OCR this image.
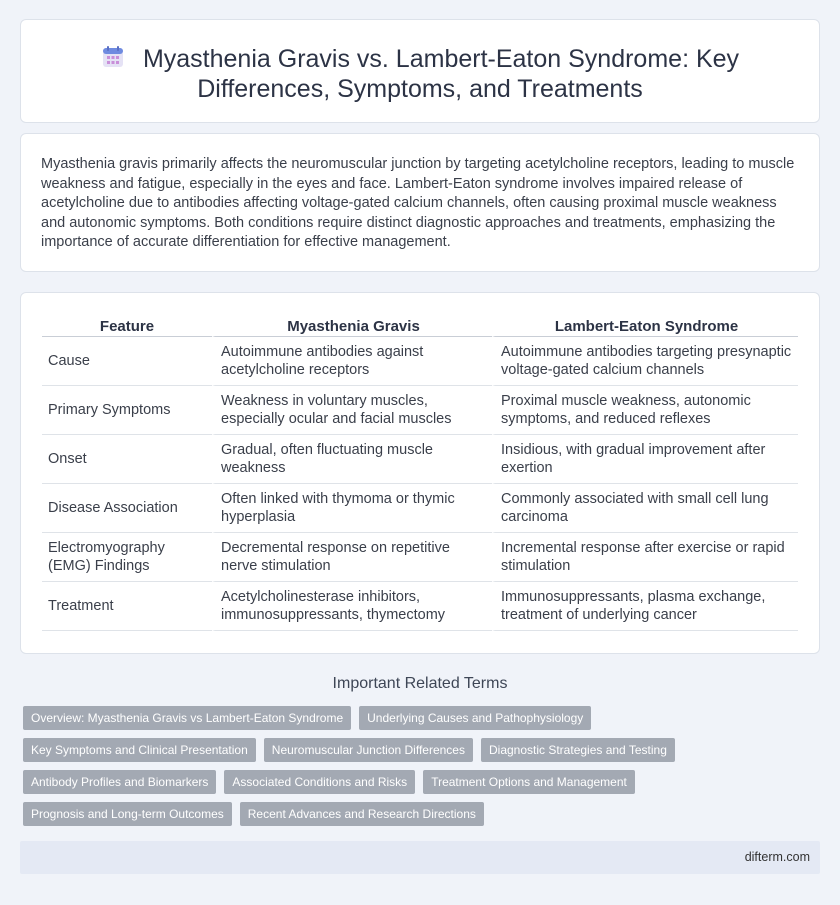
Myasthenia Gravis vs. Lambert-Eaton Syndrome: Key Differences, Symptoms, and Treatments

Myasthenia gravis primarily affects the neuromuscular junction by targeting acetylcholine receptors, leading to muscle weakness and fatigue, especially in the eyes and face. Lambert-Eaton syndrome involves impaired release of acetylcholine due to antibodies affecting voltage-gated calcium channels, often causing proximal muscle weakness and autonomic symptoms. Both conditions require distinct diagnostic approaches and treatments, emphasizing the importance of accurate differentiation for effective management.

Feature	Myasthenia Gravis	Lambert-Eaton Syndrome
Cause	Autoimmune antibodies against acetylcholine receptors	Autoimmune antibodies targeting presynaptic voltage-gated calcium channels
Primary Symptoms	Weakness in voluntary muscles, especially ocular and facial muscles	Proximal muscle weakness, autonomic symptoms, and reduced reflexes
Onset	Gradual, often fluctuating muscle weakness	Insidious, with gradual improvement after exertion
Disease Association	Often linked with thymoma or thymic hyperplasia	Commonly associated with small cell lung carcinoma
Electromyography (EMG) Findings	Decremental response on repetitive nerve stimulation	Incremental response after exercise or rapid stimulation
Treatment	Acetylcholinesterase inhibitors, immunosuppressants, thymectomy	Immunosuppressants, plasma exchange, treatment of underlying cancer
Important Related Terms
Overview: Myasthenia Gravis vs Lambert-Eaton Syndrome	Underlying Causes and Pathophysiology
Key Symptoms and Clinical Presentation	Neuromuscular Junction Differences	Diagnostic Strategies and Testing
Antibody Profiles and Biomarkers	Associated Conditions and Risks	Treatment Options and Management
Prognosis and Long-term Outcomes	Recent Advances and Research Directions
difterm.com
